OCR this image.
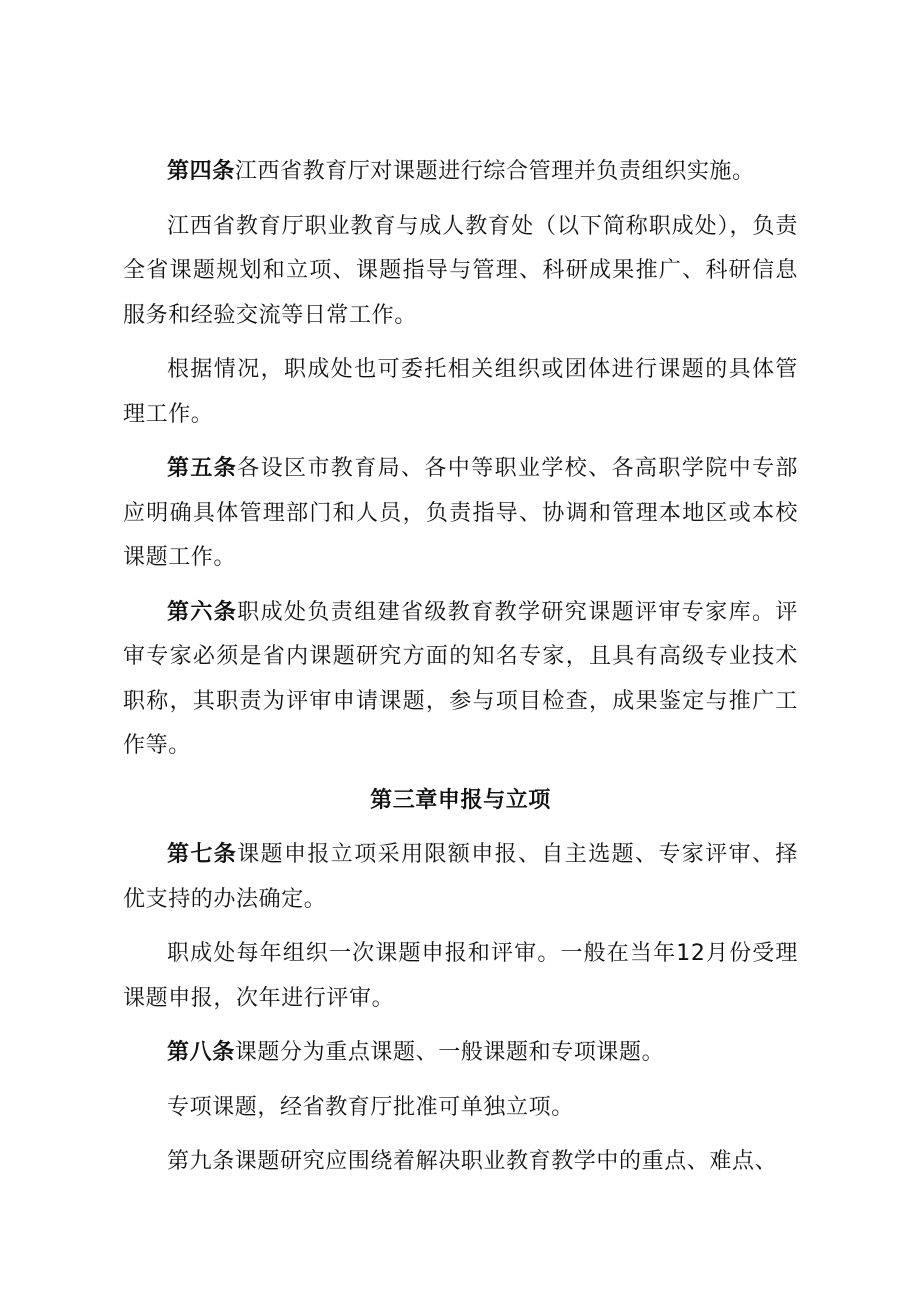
第四条江西省教育厅对课题进行综合管理并负责组织实施。

江西省教育厅职业教育与成人教育处（以下简称职成处），负责全省课题规划和立项、课题指导与管理、科研成果推广、科研信息服务和经验交流等日常工作。

根据情况，职成处也可委托相关组织或团体进行课题的具体管理工作。

第五条各设区市教育局、各中等职业学校、各高职学院中专部应明确具体管理部门和人员，负责指导、协调和管理本地区或本校课题工作。

第六条职成处负责组建省级教育教学研究课题评审专家库。评审专家必须是省内课题研究方面的知名专家，且具有高级专业技术职称，其职责为评审申请课题，参与项目检查，成果鉴定与推广工作等。

第三章申报与立项

第七条课题申报立项采用限额申报、自主选题、专家评审、择优支持的办法确定。

职成处每年组织一次课题申报和评审。一般在当年12月份受理课题申报，次年进行评审。

第八条课题分为重点课题、一般课题和专项课题。

专项课题，经省教育厅批准可单独立项。

第九条课题研究应围绕着解决职业教育教学中的重点、难点、
